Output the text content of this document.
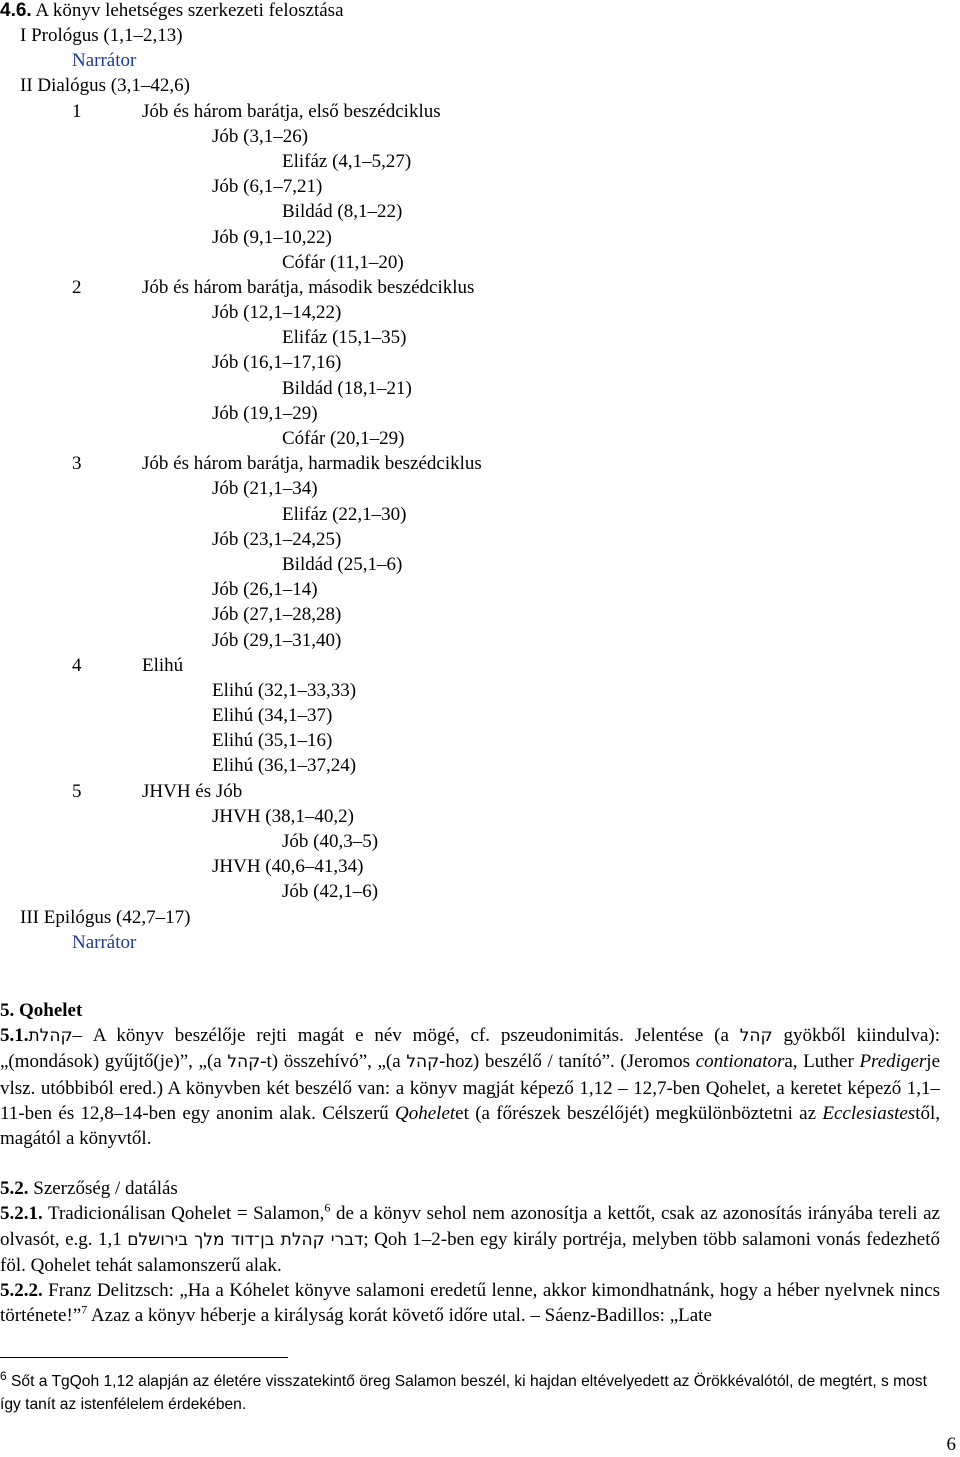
4.6. A könyv lehetséges szerkezeti felosztása
I Prológus (1,1–2,13)
Narrátor
II Dialógus (3,1–42,6)
1	Jób és három barátja, első beszédciklus
Jób (3,1–26)
Elifáz (4,1–5,27)
Jób (6,1–7,21)
Bildád (8,1–22)
Jób (9,1–10,22)
Cófár (11,1–20)
2	Jób és három barátja, második beszédciklus
Jób (12,1–14,22)
Elifáz (15,1–35)
Jób (16,1–17,16)
Bildád (18,1–21)
Jób (19,1–29)
Cófár (20,1–29)
3	Jób és három barátja, harmadik beszédciklus
Jób (21,1–34)
Elifáz (22,1–30)
Jób (23,1–24,25)
Bildád (25,1–6)
Jób (26,1–14)
Jób (27,1–28,28)
Jób (29,1–31,40)
4	Elihú
Elihú (32,1–33,33)
Elihú (34,1–37)
Elihú (35,1–16)
Elihú (36,1–37,24)
5	JHVH és Jób
JHVH (38,1–40,2)
Jób (40,3–5)
JHVH (40,6–41,34)
Jób (42,1–6)
III Epilógus (42,7–17)
Narrátor

5. Qohelet

5.1.קהלת– A könyv beszélője rejti magát e név mögé, cf. pszeudonimitás. Jelentése (a קהל gyökből kiindulva): „(mondások) gyűjtő(je)”, „(a קהל-t) összehívó”, „(a קהל-hoz) beszélő / tanító”. (Jeromos contionatora, Luther Predigerje vlsz. utóbbiból ered.) A könyvben két beszélő van: a könyv magját képező 1,12 – 12,7-ben Qohelet, a keretet képező 1,1–11-ben és 12,8–14-ben egy anonim alak. Célszerű Qoheletet (a főrészek beszélőjét) megkülönböztetni az Ecclesiastestől, magától a könyvtől.

5.2. Szerzőség / datálás

5.2.1. Tradicionálisan Qohelet = Salamon,$^6$ de a könyv sehol nem azonosítja a kettőt, csak az azonosítás irányába tereli az olvasót, e.g. 1,1 דברי קהלת בן־דוד מלך בירושלם; Qoh 1–2-ben egy király portréja, melyben több salamoni vonás fedezhető föl. Qohelet tehát salamonszerű alak.

5.2.2. Franz Delitzsch: „Ha a Kóhelet könyve salamoni eredetű lenne, akkor kimondhatnánk, hogy a héber nyelvnek nincs története!”$^7$ Azaz a könyv héberje a királyság korát követő időre utal. – Sáenz-Badillos: „Late

$^6$ Sőt a TgQoh 1,12 alapján az életére visszatekintő öreg Salamon beszél, ki hajdan eltévelyedett az Örökkévalótól, de megtért, s most így tanít az istenfélelem érdekében.
6
